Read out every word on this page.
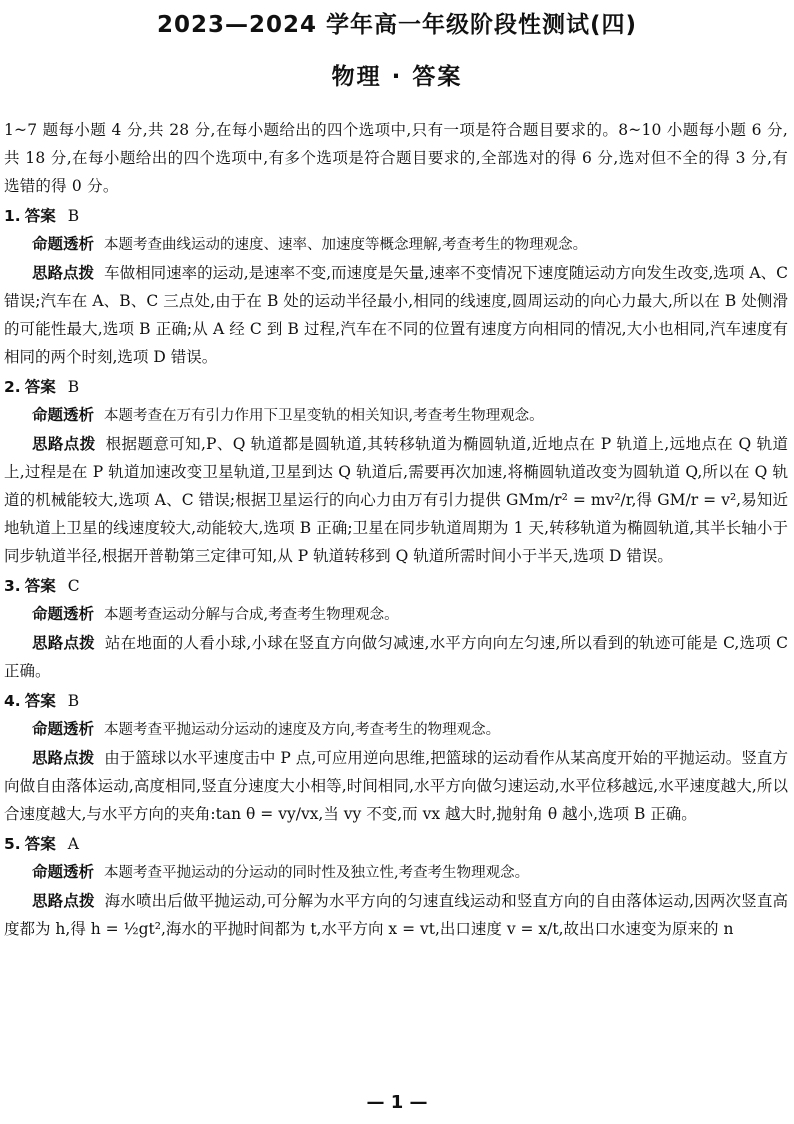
2023—2024 学年高一年级阶段性测试(四)
物理 · 答案

1~7 题每小题 4 分,共 28 分,在每小题给出的四个选项中,只有一项是符合题目要求的。8~10 小题每小题 6 分,共 18 分,在每小题给出的四个选项中,有多个选项是符合题目要求的,全部选对的得 6 分,选对但不全的得 3 分,有选错的得 0 分。

1. 答案 B

命题透析 本题考查曲线运动的速度、速率、加速度等概念理解,考查考生的物理观念。

思路点拨 车做相同速率的运动,是速率不变,而速度是矢量,速率不变情况下速度随运动方向发生改变,选项 A、C 错误;汽车在 A、B、C 三点处,由于在 B 处的运动半径最小,相同的线速度,圆周运动的向心力最大,所以在 B 处侧滑的可能性最大,选项 B 正确;从 A 经 C 到 B 过程,汽车在不同的位置有速度方向相同的情况,大小也相同,汽车速度有相同的两个时刻,选项 D 错误。

2. 答案 B

命题透析 本题考查在万有引力作用下卫星变轨的相关知识,考查考生物理观念。

思路点拨 根据题意可知,P、Q 轨道都是圆轨道,其转移轨道为椭圆轨道,近地点在 P 轨道上,远地点在 Q 轨道上,过程是在 P 轨道加速改变卫星轨道,卫星到达 Q 轨道后,需要再次加速,将椭圆轨道改变为圆轨道 Q,所以在 Q 轨道的机械能较大,选项 A、C 错误;根据卫星运行的向心力由万有引力提供 GMm/r² = mv²/r,得 GM/r = v²,易知近地轨道上卫星的线速度较大,动能较大,选项 B 正确;卫星在同步轨道周期为 1 天,转移轨道为椭圆轨道,其半长轴小于同步轨道半径,根据开普勒第三定律可知,从 P 轨道转移到 Q 轨道所需时间小于半天,选项 D 错误。

3. 答案 C

命题透析 本题考查运动分解与合成,考查考生物理观念。

思路点拨 站在地面的人看小球,小球在竖直方向做匀减速,水平方向向左匀速,所以看到的轨迹可能是 C,选项 C 正确。

4. 答案 B

命题透析 本题考查平抛运动分运动的速度及方向,考查考生的物理观念。

思路点拨 由于篮球以水平速度击中 P 点,可应用逆向思维,把篮球的运动看作从某高度开始的平抛运动。竖直方向做自由落体运动,高度相同,竖直分速度大小相等,时间相同,水平方向做匀速运动,水平位移越远,水平速度越大,所以合速度越大,与水平方向的夹角:tan θ = vy/vx,当 vy 不变,而 vx 越大时,抛射角 θ 越小,选项 B 正确。

5. 答案 A

命题透析 本题考查平抛运动的分运动的同时性及独立性,考查考生物理观念。

思路点拨 海水喷出后做平抛运动,可分解为水平方向的匀速直线运动和竖直方向的自由落体运动,因两次竖直高度都为 h,得 h = ½gt²,海水的平抛时间都为 t,水平方向 x = vt,出口速度 v = x/t,故出口水速变为原来的 n

— 1 —
